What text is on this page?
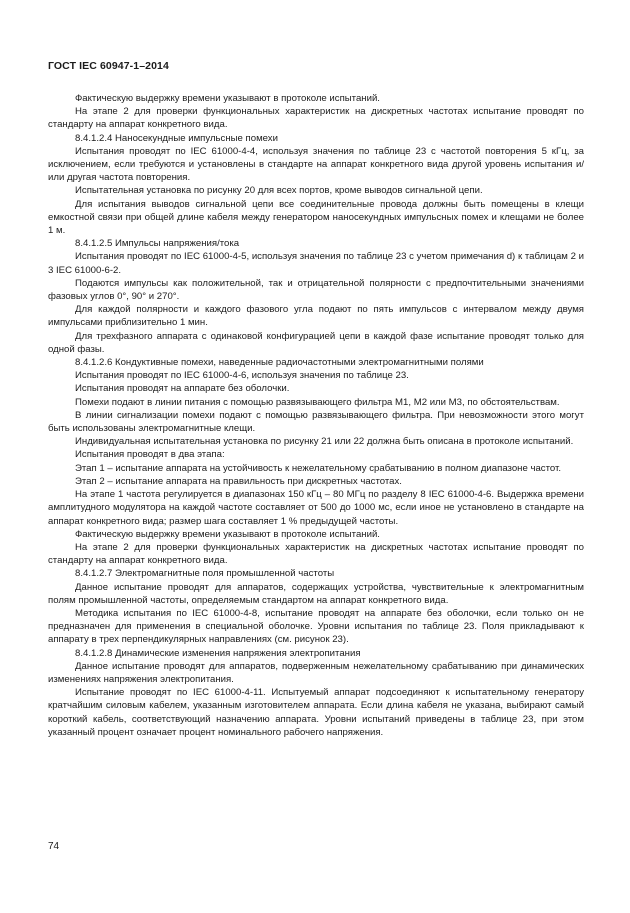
ГОСТ IEC 60947-1–2014

Фактическую выдержку времени указывают в протоколе испытаний.

На этапе 2 для проверки функциональных характеристик на дискретных частотах испытание проводят по стандарту на аппарат конкретного вида.

8.4.1.2.4 Наносекундные импульсные помехи

Испытания проводят по IEC 61000-4-4, используя значения по таблице 23 с частотой повторения 5 кГц, за исключением, если требуются и установлены в стандарте на аппарат конкретного вида другой уровень испытания и/или другая частота повторения.

Испытательная установка по рисунку 20 для всех портов, кроме выводов сигнальной цепи.

Для испытания выводов сигнальной цепи все соединительные провода должны быть помещены в клещи емкостной связи при общей длине кабеля между генератором наносекундных импульсных помех и клещами не более 1 м.

8.4.1.2.5 Импульсы напряжения/тока

Испытания проводят по IEC 61000-4-5, используя значения по таблице 23 с учетом примечания d) к таблицам 2 и 3 IEC 61000-6-2.

Подаются импульсы как положительной, так и отрицательной полярности с предпочтительными значениями фазовых углов 0°, 90° и 270°.

Для каждой полярности и каждого фазового угла подают по пять импульсов с интервалом между двумя импульсами приблизительно 1 мин.

Для трехфазного аппарата с одинаковой конфигурацией цепи в каждой фазе испытание проводят только для одной фазы.

8.4.1.2.6 Кондуктивные помехи, наведенные радиочастотными электромагнитными полями

Испытания проводят по IEC 61000-4-6, используя значения по таблице 23.

Испытания проводят на аппарате без оболочки.

Помехи подают в линии питания с помощью развязывающего фильтра M1, M2 или M3, по обстоятельствам.

В линии сигнализации помехи подают с помощью развязывающего фильтра. При невозможности этого могут быть использованы электромагнитные клещи.

Индивидуальная испытательная установка по рисунку 21 или 22 должна быть описана в протоколе испытаний.

Испытания проводят в два этапа:

Этап 1 – испытание аппарата на устойчивость к нежелательному срабатыванию в полном диапазоне частот.

Этап 2 – испытание аппарата на правильность при дискретных частотах.

На этапе 1 частота регулируется в диапазонах 150 кГц – 80 МГц по разделу 8 IEC 61000-4-6. Выдержка времени амплитудного модулятора на каждой частоте составляет от 500 до 1000 мс, если иное не установлено в стандарте на аппарат конкретного вида; размер шага составляет 1 % предыдущей частоты.

Фактическую выдержку времени указывают в протоколе испытаний.

На этапе 2 для проверки функциональных характеристик на дискретных частотах испытание проводят по стандарту на аппарат конкретного вида.

8.4.1.2.7 Электромагнитные поля промышленной частоты

Данное испытание проводят для аппаратов, содержащих устройства, чувствительные к электромагнитным полям промышленной частоты, определяемым стандартом на аппарат конкретного вида.

Методика испытания по IEC 61000-4-8, испытание проводят на аппарате без оболочки, если только он не предназначен для применения в специальной оболочке. Уровни испытания по таблице 23. Поля прикладывают к аппарату в трех перпендикулярных направлениях (см. рисунок 23).

8.4.1.2.8 Динамические изменения напряжения электропитания

Данное испытание проводят для аппаратов, подверженным нежелательному срабатыванию при динамических изменениях напряжения электропитания.

Испытание проводят по IEC 61000-4-11. Испытуемый аппарат подсоединяют к испытательному генератору кратчайшим силовым кабелем, указанным изготовителем аппарата. Если длина кабеля не указана, выбирают самый короткий кабель, соответствующий назначению аппарата. Уровни испытаний приведены в таблице 23, при этом указанный процент означает процент номинального рабочего напряжения.

74
